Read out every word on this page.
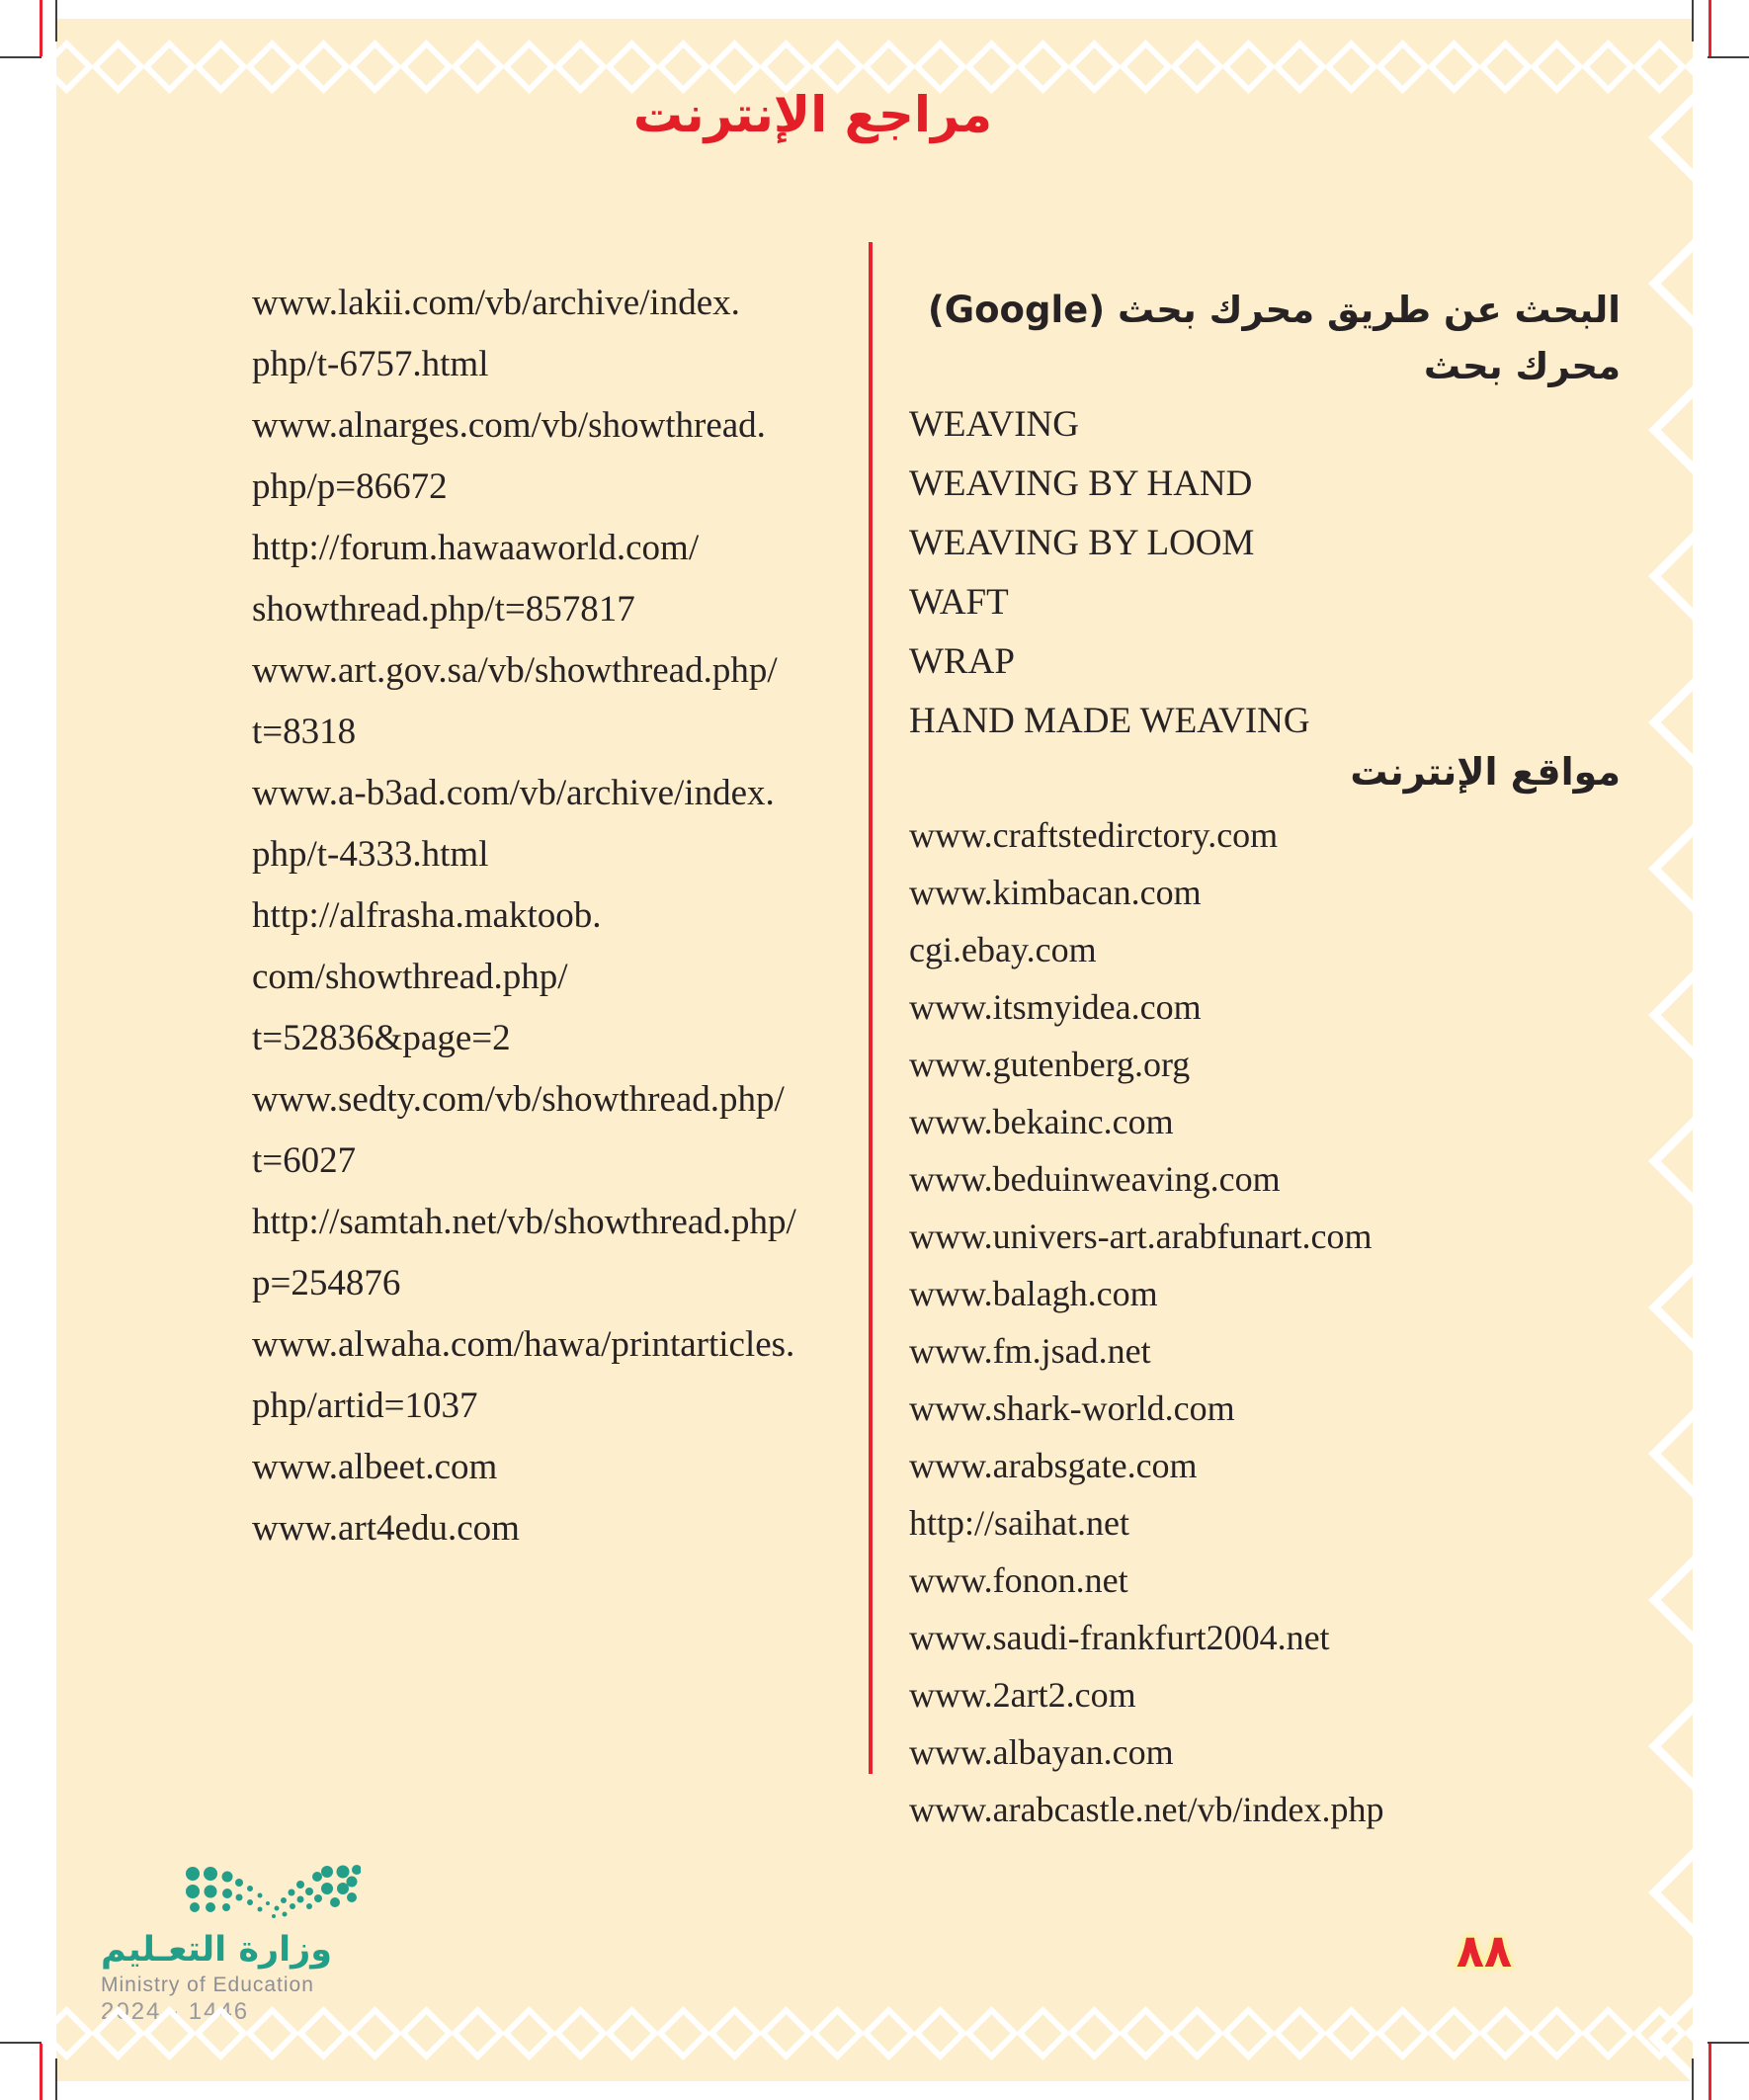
مراجع الإنترنت
www.lakii.com/vb/archive/index.
php/t-6757.html
www.alnarges.com/vb/showthread.
php/p=86672
http://forum.hawaaworld.com/
showthread.php/t=857817
www.art.gov.sa/vb/showthread.php/
t=8318
www.a-b3ad.com/vb/archive/index.
php/t-4333.html
http://alfrasha.maktoob.
com/showthread.php/
t=52836&page=2
www.sedty.com/vb/showthread.php/
t=6027
http://samtah.net/vb/showthread.php/
p=254876
www.alwaha.com/hawa/printarticles.
php/artid=1037
www.albeet.com
www.art4edu.com
البحث عن طريق محرك بحث (Google)
محرك بحث
WEAVING
WEAVING BY HAND
WEAVING BY LOOM
WAFT
WRAP
HAND MADE WEAVING
مواقع الإنترنت
www.craftstedirctory.com
www.kimbacan.com
cgi.ebay.com
www.itsmyidea.com
www.gutenberg.org
www.bekainc.com
www.beduinweaving.com
www.univers-art.arabfunart.com
www.balagh.com
www.fm.jsad.net
www.shark-world.com
www.arabsgate.com
http://saihat.net
www.fonon.net
www.saudi-frankfurt2004.net
www.2art2.com
www.albayan.com
www.arabcastle.net/vb/index.php
وزارة التعـليم
Ministry of Education
2024 - 1446
٨٨
